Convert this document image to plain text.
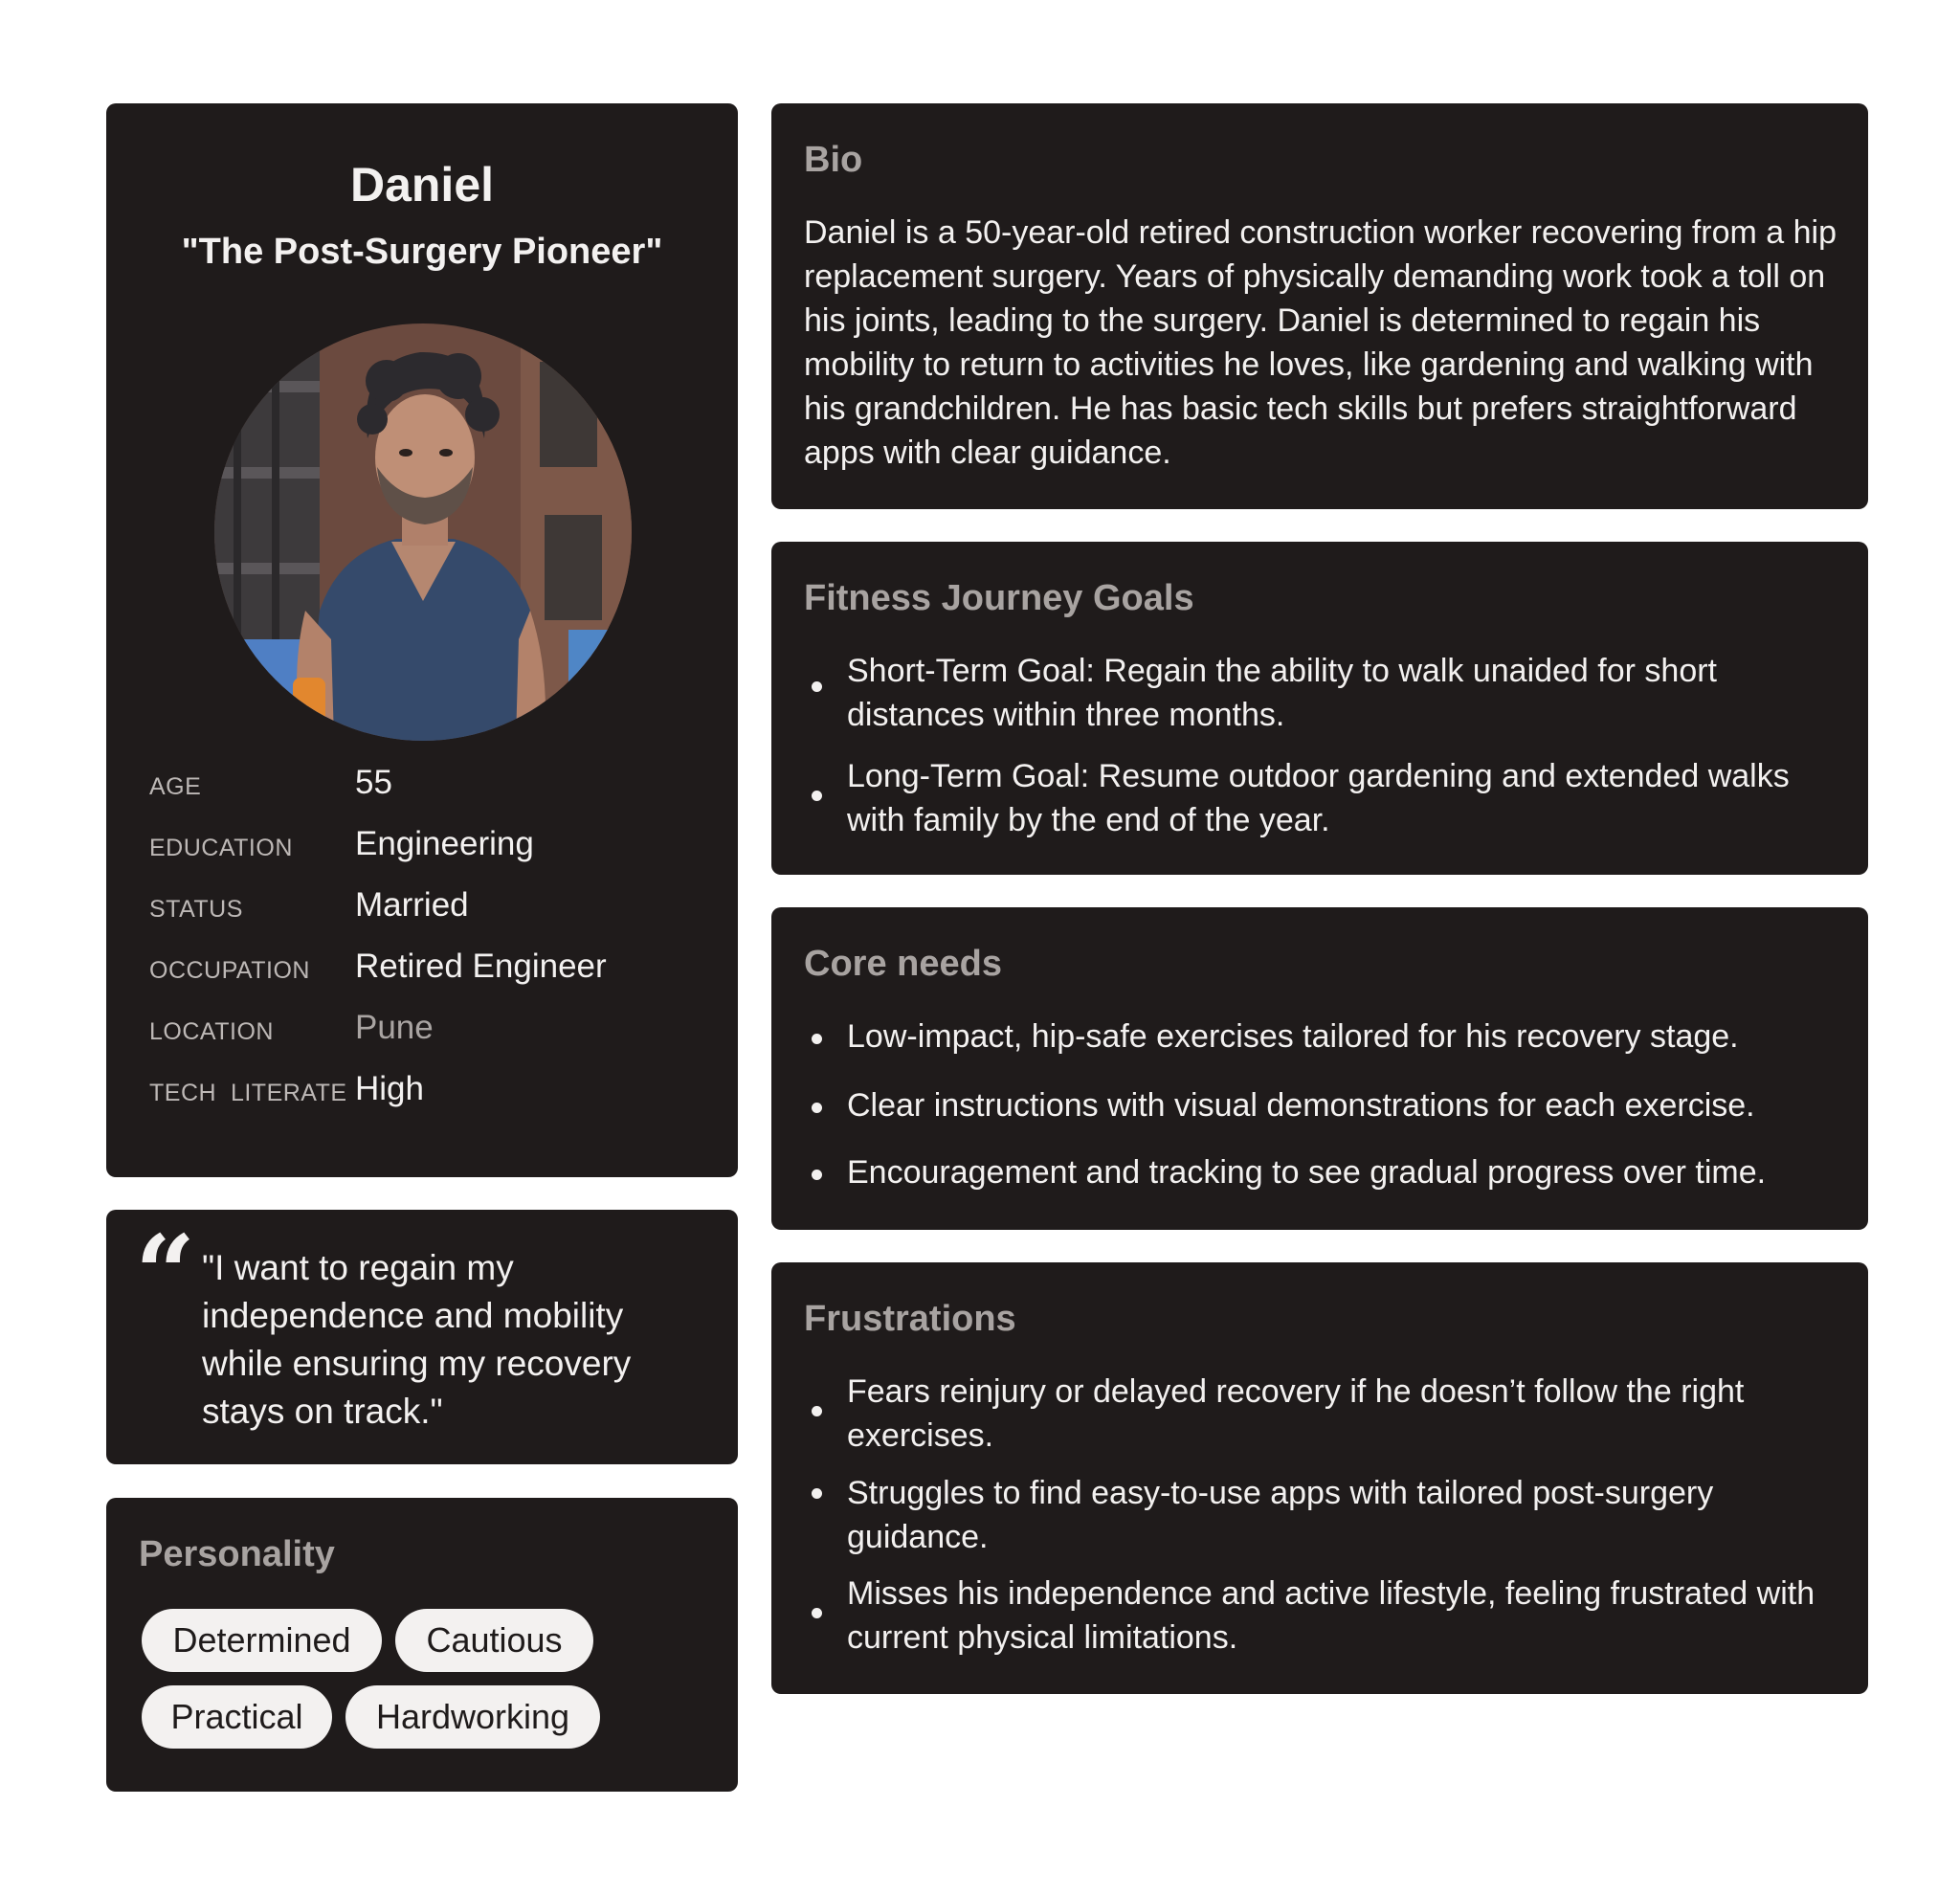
Daniel
"The Post-Surgery Pioneer"
AGE	55
EDUCATION Engineering
STATUS	Married
OCCUPATION Retired Engineer
LOCATION Pune
TECH  LITERATE High
“ "I want to regain my independence and mobility while ensuring my recovery stays on track."
Personality
Determined	Cautious
Practical	Hardworking
Bio
Daniel is a 50-year-old retired construction worker recovering from a hip replacement surgery. Years of physically demanding work took a toll on his joints, leading to the surgery. Daniel is determined to regain his mobility to return to activities he loves, like gardening and walking with his grandchildren. He has basic tech skills but prefers straightforward apps with clear guidance.
Fitness Journey Goals
Short-Term Goal: Regain the ability to walk unaided for short distances within three months.
Long-Term Goal: Resume outdoor gardening and extended walks with family by the end of the year.
Core needs
Low-impact, hip-safe exercises tailored for his recovery stage.
Clear instructions with visual demonstrations for each exercise.
Encouragement and tracking to see gradual progress over time.
Frustrations
Fears reinjury or delayed recovery if he doesn’t follow the right exercises.
Struggles to find easy-to-use apps with tailored post-surgery guidance.
Misses his independence and active lifestyle, feeling frustrated with current physical limitations.
